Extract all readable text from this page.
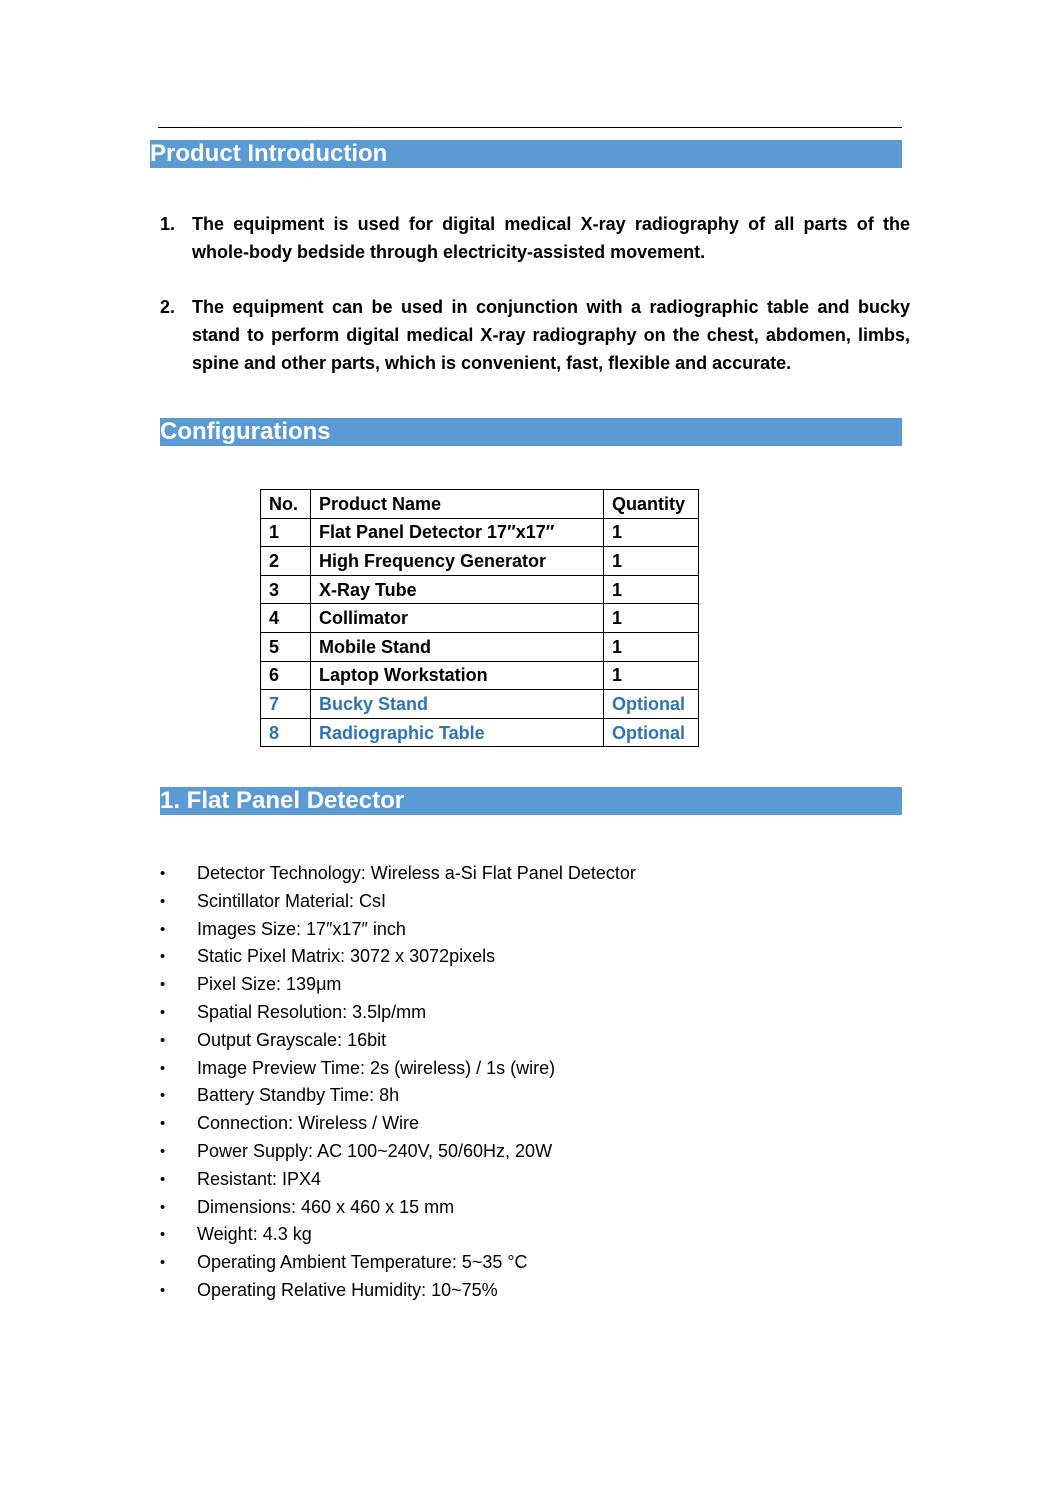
Product Introduction
1. The equipment is used for digital medical X-ray radiography of all parts of the whole-body bedside through electricity-assisted movement.
2. The equipment can be used in conjunction with a radiographic table and bucky stand to perform digital medical X-ray radiography on the chest, abdomen, limbs, spine and other parts, which is convenient, fast, flexible and accurate.
Configurations
No.	Product Name	Quantity
1	Flat Panel Detector 17″x17″	1
2	High Frequency Generator	1
3	X-Ray Tube	1
4	Collimator	1
5	Mobile Stand	1
6	Laptop Workstation	1
7	Bucky Stand	Optional
8	Radiographic Table	Optional
1. Flat Panel Detector
• Detector Technology: Wireless a-Si Flat Panel Detector
• Scintillator Material: CsI
• Images Size: 17″x17″ inch
• Static Pixel Matrix: 3072 x 3072pixels
• Pixel Size: 139μm
• Spatial Resolution: 3.5lp/mm
• Output Grayscale: 16bit
• Image Preview Time: 2s (wireless) / 1s (wire)
• Battery Standby Time: 8h
• Connection: Wireless / Wire
• Power Supply: AC 100~240V, 50/60Hz, 20W
• Resistant: IPX4
• Dimensions: 460 x 460 x 15 mm
• Weight: 4.3 kg
• Operating Ambient Temperature: 5~35 °C
• Operating Relative Humidity: 10~75%
